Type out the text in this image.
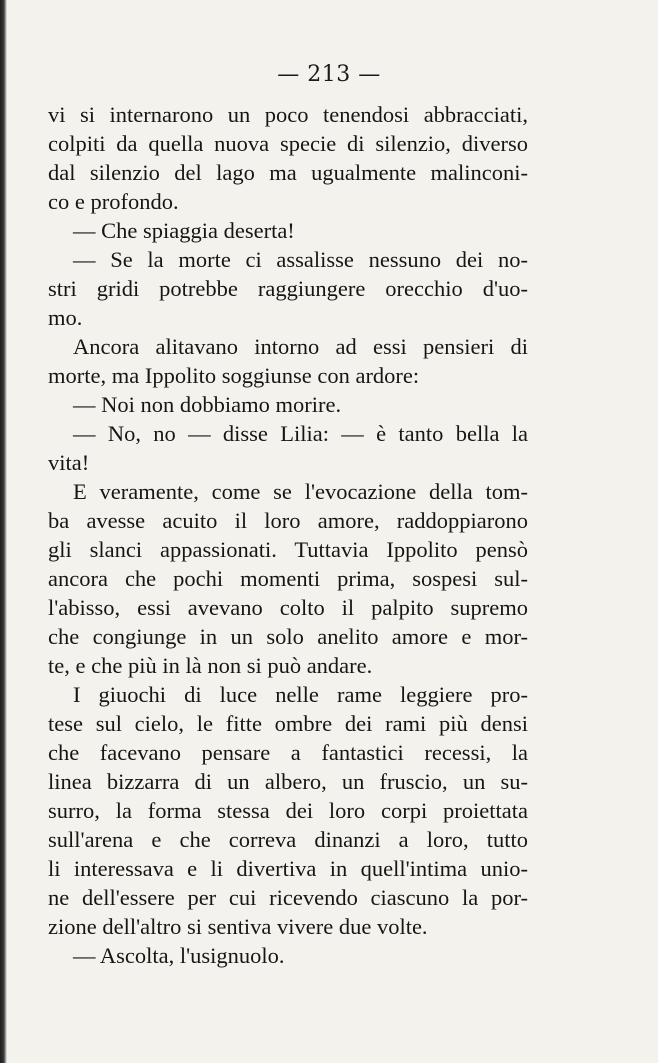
— 213 —
vi si internarono un poco tenendosi abbracciati,
colpiti da quella nuova specie di silenzio, diverso
dal silenzio del lago ma ugualmente malinconi-
co e profondo.
— Che spiaggia deserta!
— Se la morte ci assalisse nessuno dei no-
stri gridi potrebbe raggiungere orecchio d'uo-
mo.
Ancora alitavano intorno ad essi pensieri di
morte, ma Ippolito soggiunse con ardore:
— Noi non dobbiamo morire.
— No, no — disse Lilia: — è tanto bella la
vita!
E veramente, come se l'evocazione della tom-
ba avesse acuito il loro amore, raddoppiarono
gli slanci appassionati. Tuttavia Ippolito pensò
ancora che pochi momenti prima, sospesi sul-
l'abisso, essi avevano colto il palpito supremo
che congiunge in un solo anelito amore e mor-
te, e che più in là non si può andare.
I giuochi di luce nelle rame leggiere pro-
tese sul cielo, le fitte ombre dei rami più densi
che facevano pensare a fantastici recessi, la
linea bizzarra di un albero, un fruscio, un su-
surro, la forma stessa dei loro corpi proiettata
sull'arena e che correva dinanzi a loro, tutto
li interessava e li divertiva in quell'intima unio-
ne dell'essere per cui ricevendo ciascuno la por-
zione dell'altro si sentiva vivere due volte.
— Ascolta, l'usignuolo.
